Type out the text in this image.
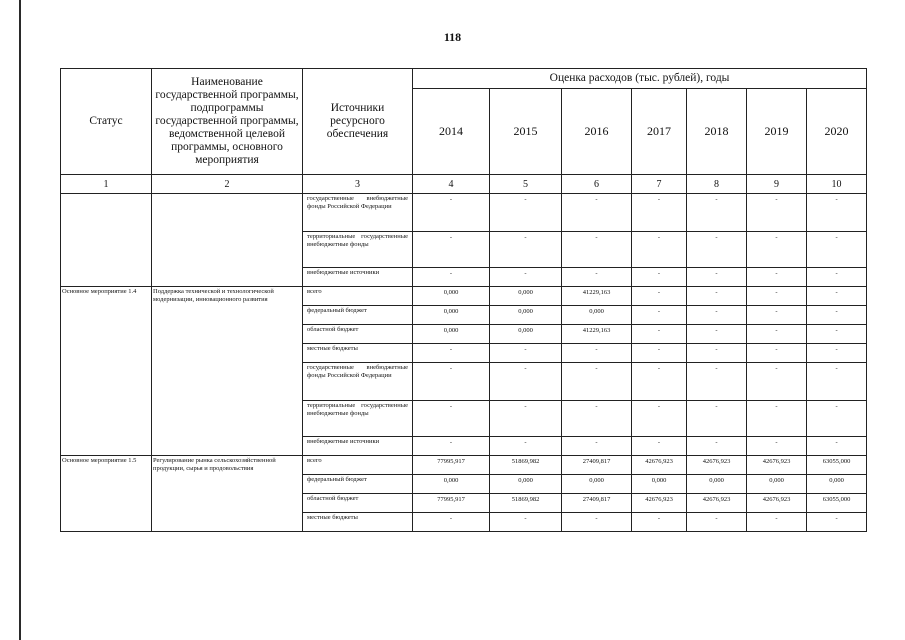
118
Статус	Наименование государственной программы, подпрограммы государственной программы, ведомственной целевой программы, основного мероприятия	Источники ресурсного обеспечения	Оценка расходов (тыс. рублей), годы						
			2014	2015	2016	2017	2018	2019	2020
1	2	3	4	5	6	7	8	9	10
		государственные внебюджетные фонды Российской Федерации	-	-	-	-	-	-	-
		территориальные государственные внебюджетные фонды	-	-	-	-	-	-	-
		внебюджетные источники	-	-	-	-	-	-	-
Основное мероприятие 1.4	Поддержка технической и технологической модернизации, инновационного развития	всего	0,000	0,000	41229,163	-	-	-	-
		федеральный бюджет	0,000	0,000	0,000	-	-	-	-
		областной бюджет	0,000	0,000	41229,163	-	-	-	-
		местные бюджеты	-	-	-	-	-	-	-
		государственные внебюджетные фонды Российской Федерации	-	-	-	-	-	-	-
		территориальные государственные внебюджетные фонды	-	-	-	-	-	-	-
		внебюджетные источники	-	-	-	-	-	-	-
Основное мероприятие 1.5	Регулирование рынка сельскохозяйственной продукции, сырья и продовольствия	всего	77995,917	51869,982	27409,817	42676,923	42676,923	42676,923	63055,000
		федеральный бюджет	0,000	0,000	0,000	0,000	0,000	0,000	0,000
		областной бюджет	77995,917	51869,982	27409,817	42676,923	42676,923	42676,923	63055,000
		местные бюджеты	-	-	-	-	-	-	-
